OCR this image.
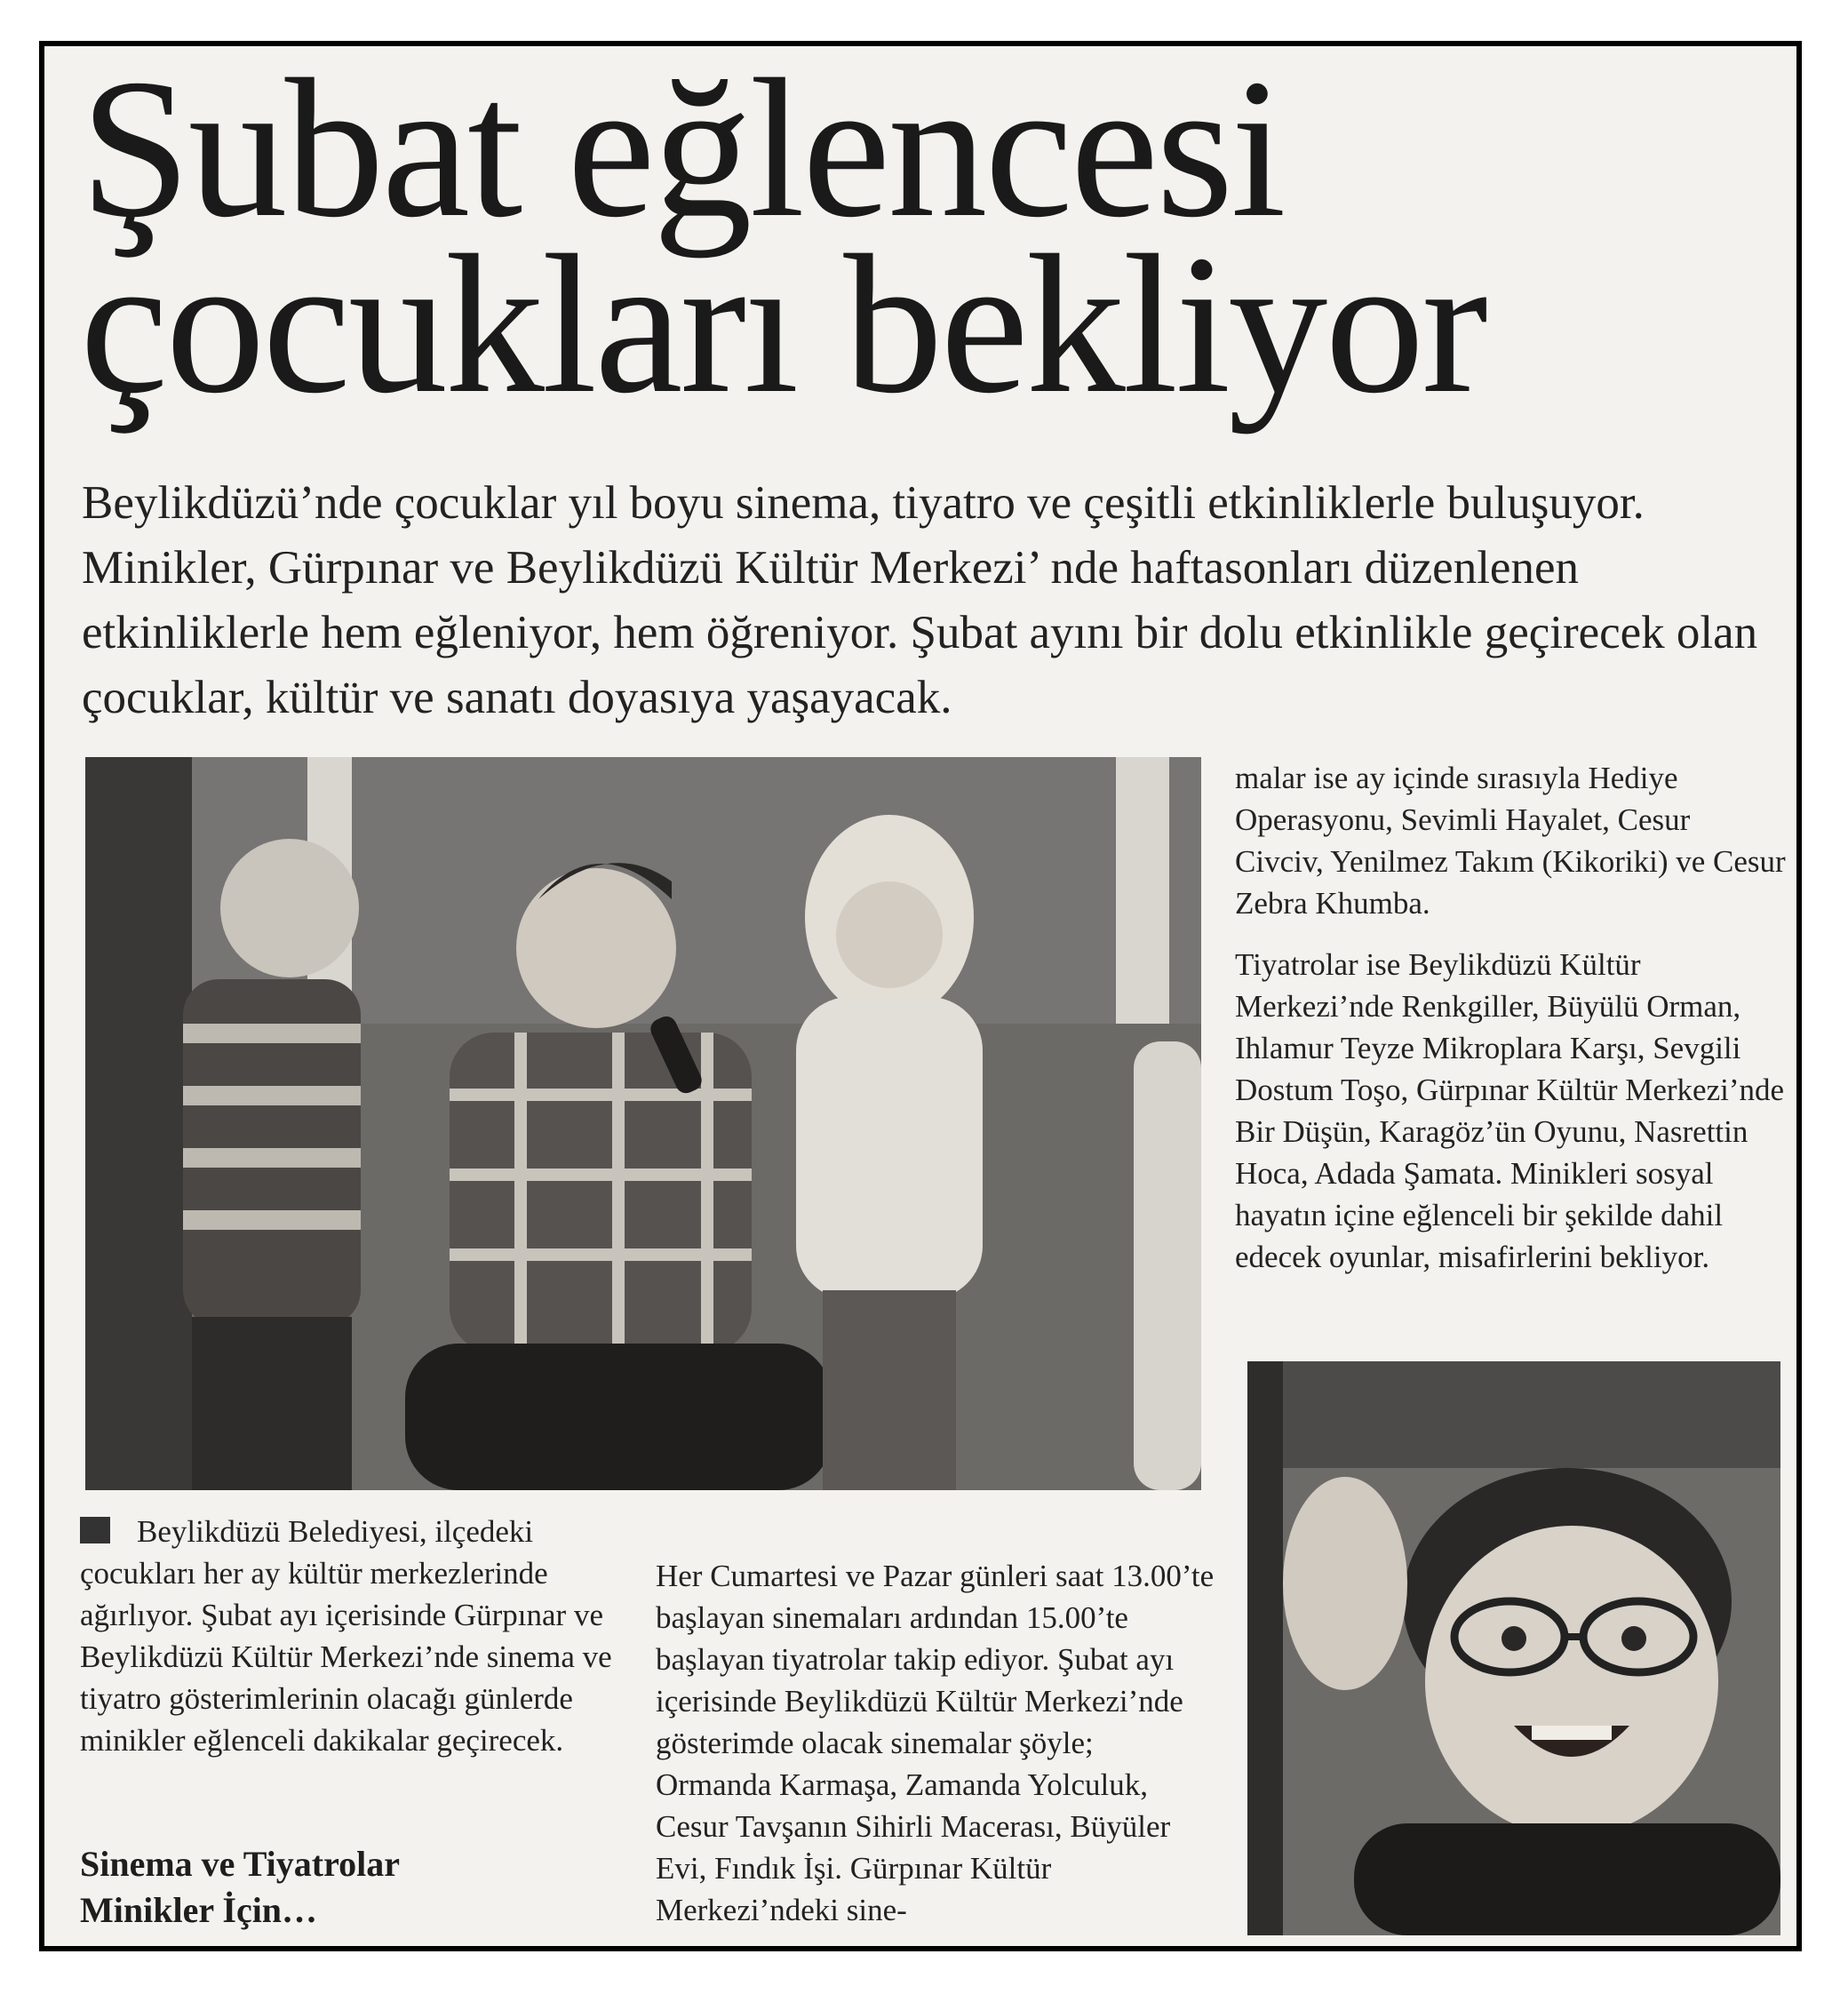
Şubat eğlencesi
çocukları bekliyor

Beylikdüzü’nde çocuklar yıl boyu sinema, tiyatro ve çeşitli etkinliklerle buluşuyor. Minikler, Gürpınar ve Beylikdüzü Kültür Merkezi’ nde haftasonları düzenlenen etkinliklerle hem eğleniyor, hem öğreniyor. Şubat ayını bir dolu etkinlikle geçirecek olan çocuklar, kültür ve sanatı doyasıya yaşayacak.

Beylikdüzü Belediyesi, ilçedeki çocukları her ay kültür merkezlerinde ağırlıyor. Şubat ayı içerisinde Gürpınar ve Beylikdüzü Kültür Merkezi’nde sinema ve tiyatro gösterimlerinin olacağı günlerde minikler eğlenceli dakikalar geçirecek.
Sinema ve Tiyatrolar
Minikler İçin…

Her Cumartesi ve Pazar günleri saat 13.00’te başlayan sinemaları ardından 15.00’te başlayan tiyatrolar takip ediyor. Şubat ayı içerisinde Beylikdüzü Kültür Merkezi’nde gösterimde olacak sinemalar şöyle; Ormanda Karmaşa, Zamanda Yolculuk, Cesur Tavşanın Sihirli Macerası, Büyüler Evi, Fındık İşi. Gürpınar Kültür Merkezi’ndeki sine-

malar ise ay içinde sırasıyla Hediye Operasyonu, Sevimli Hayalet, Cesur Civciv, Yenilmez Takım (Kikoriki) ve Cesur Zebra Khumba.

Tiyatrolar ise Beylikdüzü Kültür Merkezi’nde Renkgiller, Büyülü Orman, Ihlamur Teyze Mikroplara Karşı, Sevgili Dostum Toşo, Gürpınar Kültür Merkezi’nde Bir Düşün, Karagöz’ün Oyunu, Nasrettin Hoca, Adada Şamata. Minikleri sosyal hayatın içine eğlenceli bir şekilde dahil edecek oyunlar, misafirlerini bekliyor.
